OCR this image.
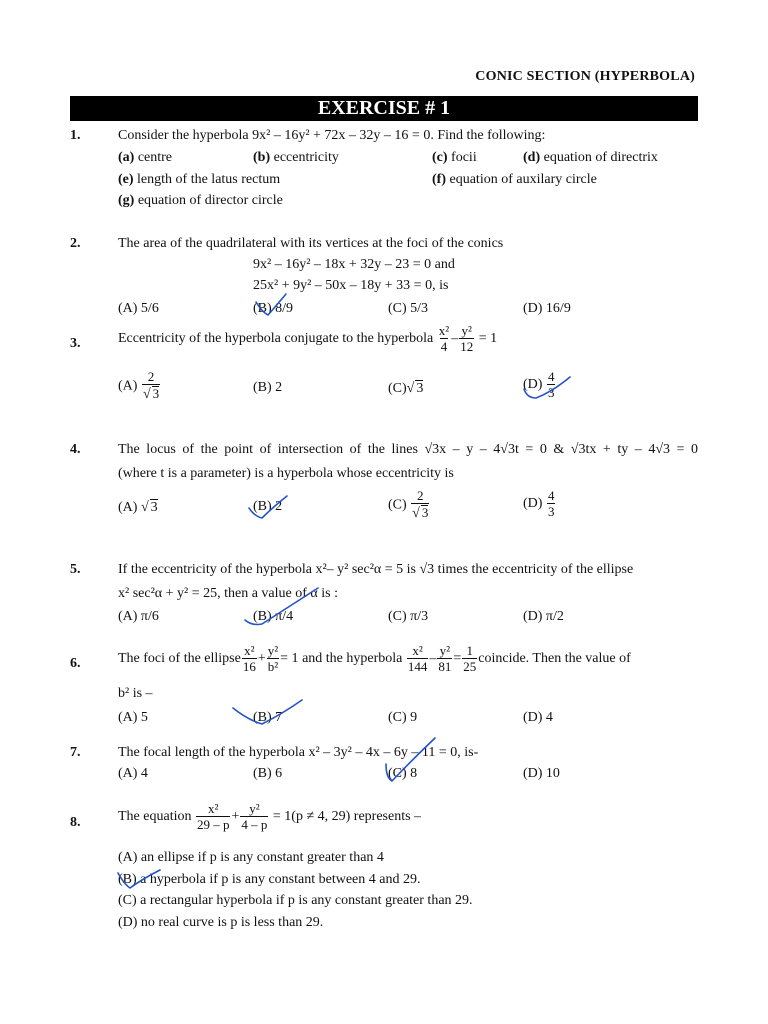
CONIC SECTION (HYPERBOLA)
EXERCISE # 1
1.	Consider the hyperbola 9x² – 16y² + 72x – 32y – 16 = 0. Find the following:
(a) centre	(b) eccentricity	(c) focii	(d) equation of directrix
(e) length of the latus rectum	(f) equation of auxilary circle
(g) equation of director circle
2.	The area of the quadrilateral with its vertices at the foci of the conics
9x² – 16y² – 18x + 32y – 23 = 0 and
25x² + 9y² – 50x – 18y + 33 = 0, is
(A) 5/6	(B) 8/9	(C) 5/3	(D) 16/9
3.	Eccentricity of the hyperbola conjugate to the hyperbola $\frac{\text{x²}}{4} - \frac{\text{y²}}{12} = 1$
$(A) \frac{2}{√ 3}$	(B) 2	(C)√ 3	$(D) \frac{4}{3}$
4.	The locus of the point of intersection of the lines √3x – y – 4√3t = 0 & √3tx + ty – 4√3 = 0
(where t is a parameter) is a hyperbola whose eccentricity is
(A) √ 3	(B) 2	$(C) \frac{2}{√ 3}$	$(D) \frac{4}{3}$
5.	If the eccentricity of the hyperbola x²– y² sec²α = 5 is √3 times the eccentricity of the ellipse
x² sec²α + y² = 25, then a value of α is :
(A) π/6	(B) π/4	(C) π/3	(D) π/2
6.	The foci of the ellipse $\frac{\text{x²}}{16} + \frac{\text{y²}}{\text{b²}} = 1$ and the hyperbola $\frac{\text{x²}}{144} - \frac{\text{y²}}{81} = \frac{1}{25}$ coincide. Then the value of
b² is –
(A) 5	(B) 7	(C) 9	(D) 4
7.	The focal length of the hyperbola x² – 3y² – 4x – 6y – 11 = 0, is-
(A) 4	(B) 6	(C) 8	(D) 10
8.	The equation $\frac{\text{x²}}{29 - p} + \frac{\text{y²}}{4 - p} = 1(p \ne 4$, 29) represents –
(A) an ellipse if p is any constant greater than 4
(B) a hyperbola if p is any constant between 4 and 29.
(C) a rectangular hyperbola if p is any constant greater than 29.
(D) no real curve is p is less than 29.
